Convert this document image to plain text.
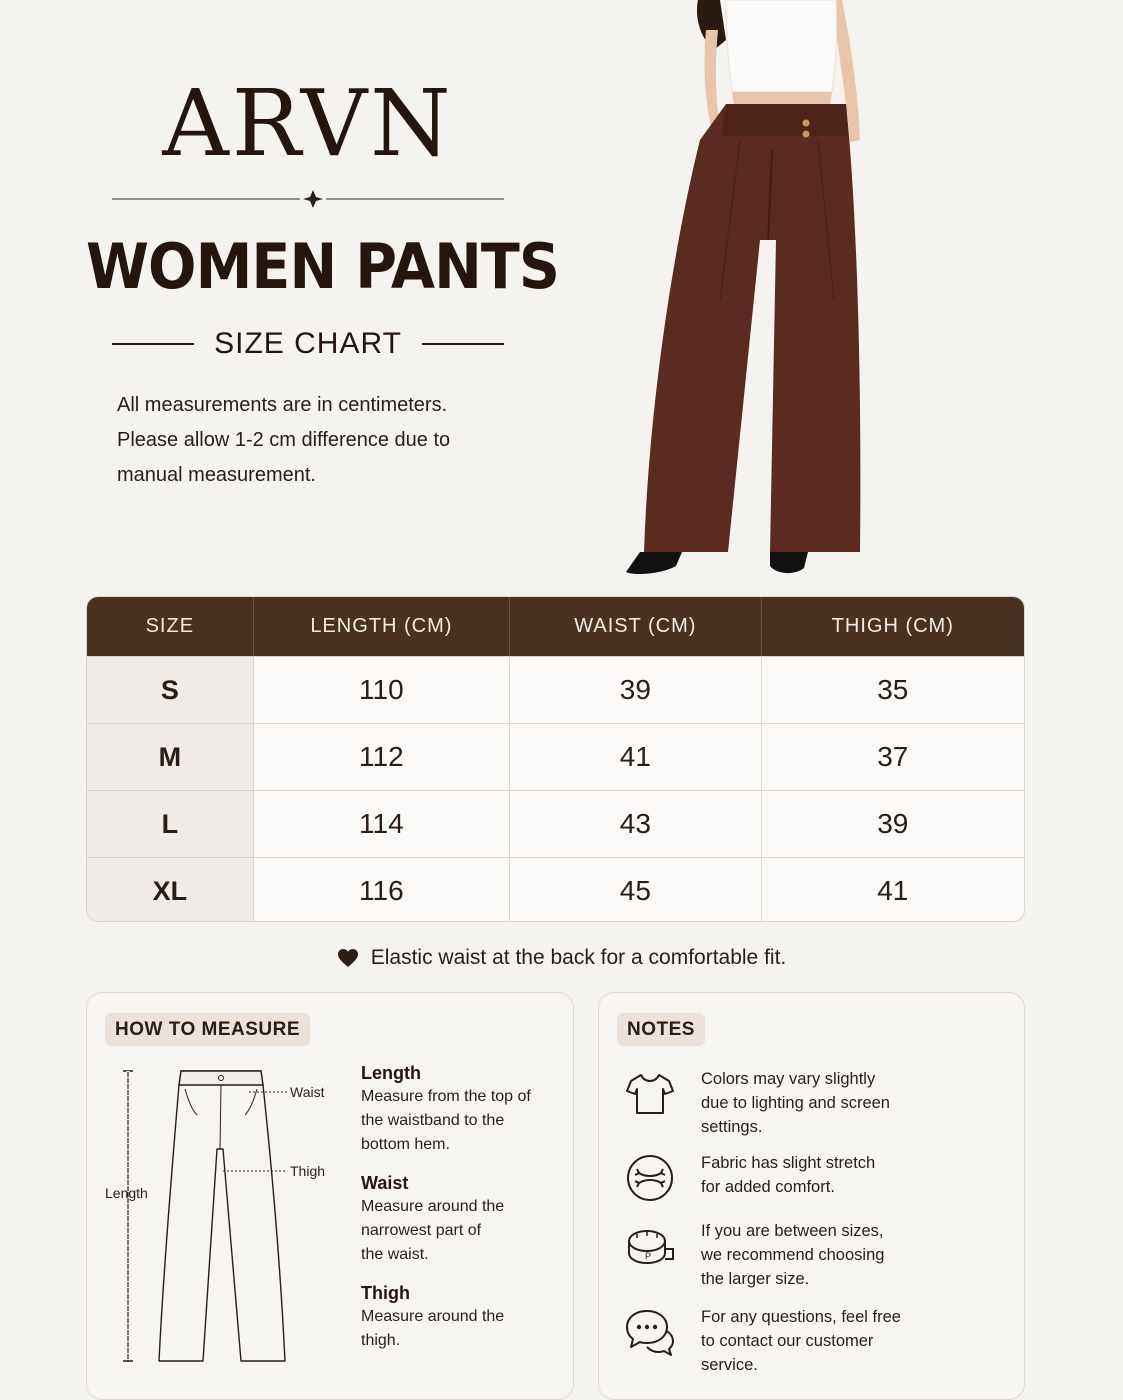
ARVN
WOMEN PANTS
SIZE CHART
All measurements are in centimeters.
Please allow 1-2 cm difference due to
manual measurement.
SIZE	LENGTH (CM)	WAIST (CM)	THIGH (CM)
S	110	39	35
M	112	41	37
L	114	43	39
XL	116	45	41
Elastic waist at the back for a comfortable fit.
HOW TO MEASURE
Waist
Thigh
Length
Length

Measure from the top of

the waistband to the

bottom hem.

Waist

Measure around the

narrowest part of

the waist.

Thigh

Measure around the

thigh.

NOTES

Colors may vary slightly
due to lighting and screen
settings.

Fabric has slight stretch
for added comfort.

P

If you are between sizes,
we recommend choosing
the larger size.

For any questions, feel free
to contact our customer
service.
